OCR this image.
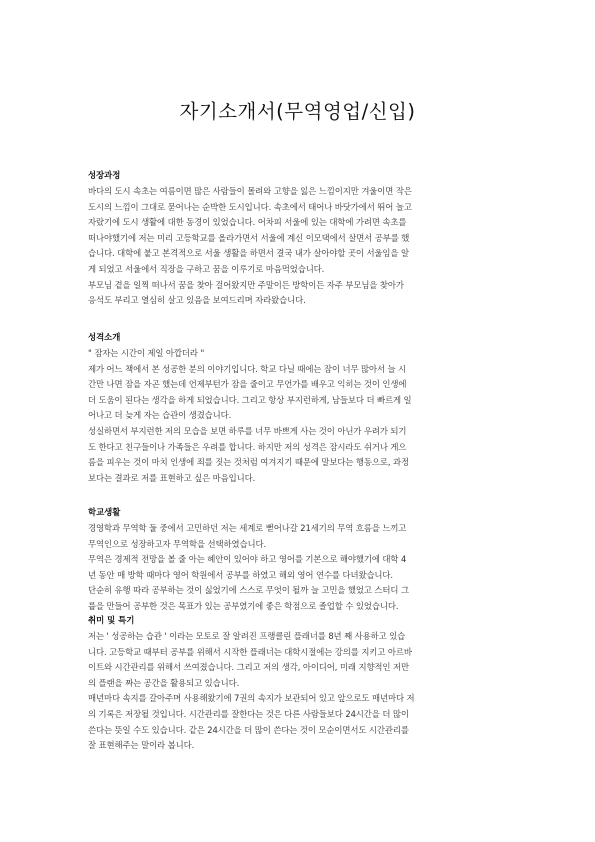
자기소개서(무역영업/신입)
성장과정
바다의 도시 속초는 여름이면 많은 사람들이 몰려와 고향을 잃은 느낌이지만 겨울이면 작은
도시의 느낌이 그대로 묻어나는 순박한 도시입니다. 속초에서 태어나 바닷가에서 뛰어 놀고
자랐기에 도시 생활에 대한 동경이 있었습니다. 어차피 서울에 있는 대학에 가려면 속초를
떠나야했기에 저는 미리 고등학교를 올라가면서 서울에 계신 이모댁에서 살면서 공부를 했
습니다. 대학에 붙고 본격적으로 서울 생활을 하면서 결국 내가 살아야할 곳이 서울임을 알
게 되었고 서울에서 직장을 구하고 꿈을 이루기로 마음먹었습니다.
부모님 곁을 일찍 떠나서 꿈을 찾아 걸어왔지만 주말이든 방학이든 자주 부모님을 찾아가
응석도 부리고 열심히 살고 있음을 보여드리며 자라왔습니다.
성격소개
" 잠자는 시간이 제일 아깝더라 "
제가 어느 책에서 본 성공한 분의 이야기입니다. 학교 다닐 때에는 잠이 너무 많아서 늘 시
간만 나면 잠을 자곤 했는데 언제부턴가 잠을 줄이고 무언가를 배우고 익히는 것이 인생에
더 도움이 된다는 생각을 하게 되었습니다. 그리고 항상 부지런하게, 남들보다 더 빠르게 일
어나고 더 늦게 자는 습관이 생겼습니다.
성실하면서 부지런한 저의 모습을 보면 하루를 너무 바쁘게 사는 것이 아닌가 우려가 되기
도 한다고 친구들이나 가족들은 우려를 합니다. 하지만 저의 성격은 잠시라도 쉬거나 게으
름을 피우는 것이 마치 인생에 죄를 짓는 것처럼 여겨지기 때문에 말보다는 행동으로, 과정
보다는 결과로 저를 표현하고 싶은 마음입니다.
학교생활
경영학과 무역학 둘 중에서 고민하던 저는 세계로 뻗어나갈 21세기의 무역 흐름을 느끼고
무역인으로 성장하고자 무역학을 선택하였습니다.
무역은 경제적 전망을 볼 줄 아는 혜안이 있어야 하고 영어를 기본으로 해야했기에 대학 4
년 동안 매 방학 때마다 영어 학원에서 공부를 하였고 해외 영어 연수를 다녀왔습니다.
단순히 유행 따라 공부하는 것이 싫었기에 스스로 무엇이 될까 늘 고민을 했었고 스터디 그
룹을 만들어 공부한 것은 목표가 있는 공부였기에 좋은 학점으로 졸업할 수 있었습니다.
취미 및 특기
저는 ' 성공하는 습관 ' 이라는 모토로 잘 알려진 프랭클린 플래너를 8년 째 사용하고 있습
니다. 고등학교 때부터 공부를 위해서 시작한 플래너는 대학시절에는 강의를 지키고 아르바
이트와 시간관리를 위해서 쓰여졌습니다. 그리고 저의 생각, 아이디어, 미래 지향적인 저만
의 플랜을 짜는 공간을 활용되고 있습니다.
매년마다 속지를 갈아주며 사용해왔기에 7권의 속지가 보관되어 있고 앞으로도 매년마다 저
의 기록은 저장될 것입니다. 시간관리를 잘한다는 것은 다른 사람들보다 24시간을 더 많이
쓴다는 뜻일 수도 있습니다. 같은 24시간을 더 많이 쓴다는 것이 모순이면서도 시간관리를
잘 표현해주는 말이라 봅니다.
